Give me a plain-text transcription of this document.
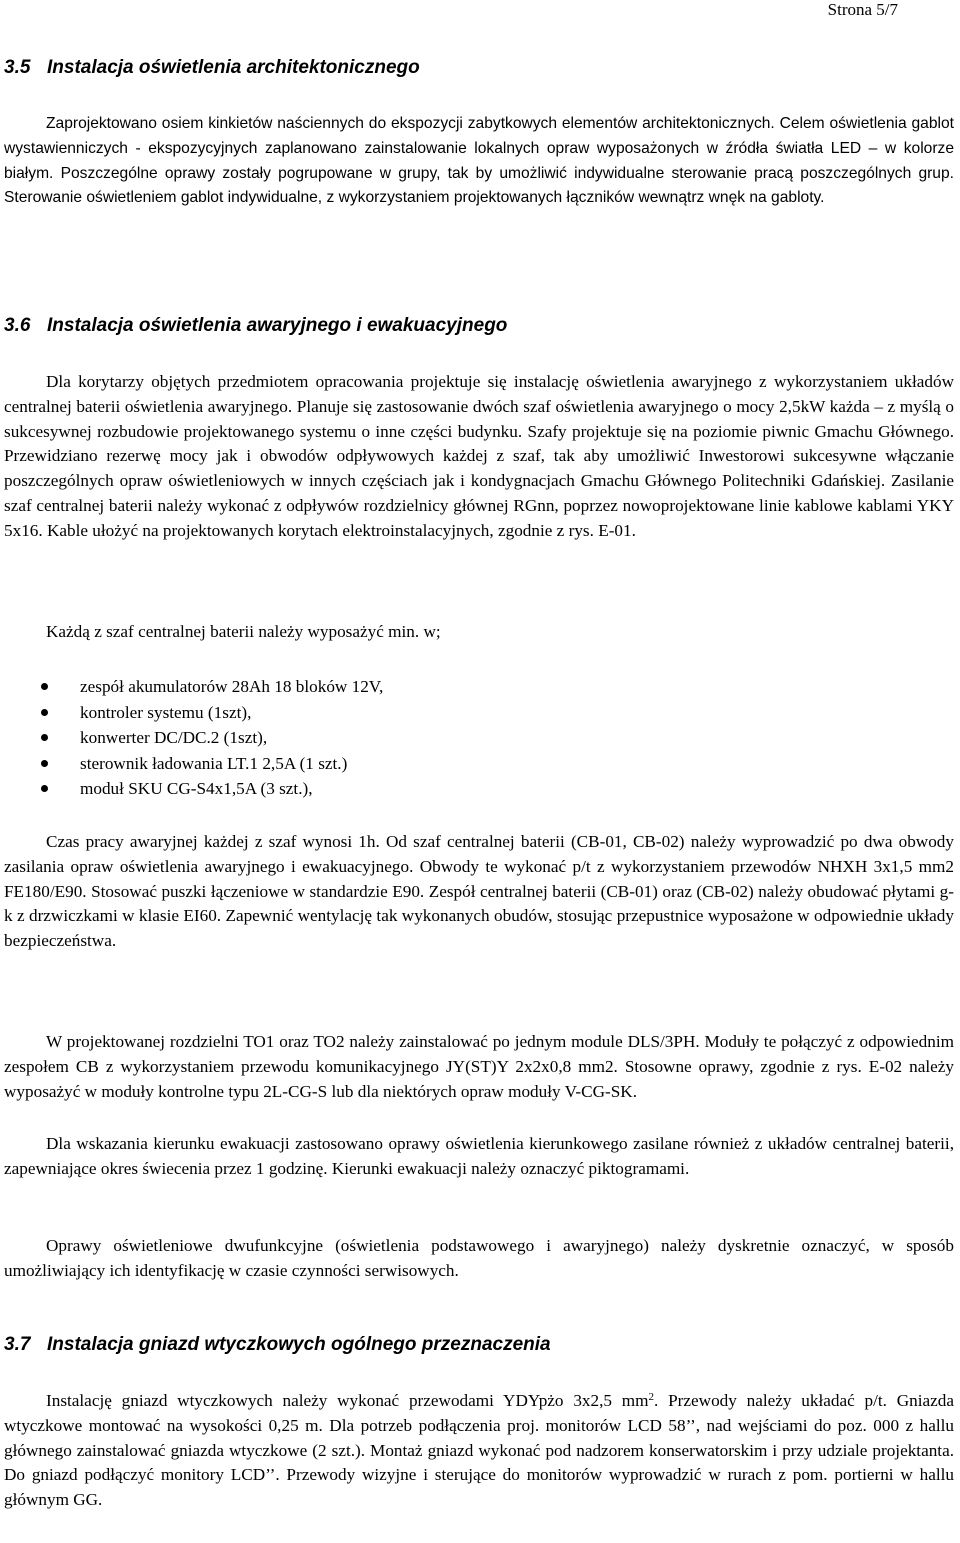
Strona 5/7
3.5 Instalacja oświetlenia architektonicznego

Zaprojektowano osiem kinkietów naściennych do ekspozycji zabytkowych elementów architektonicznych. Celem oświetlenia gablot wystawienniczych - ekspozycyjnych zaplanowano zainstalowanie lokalnych opraw wyposażonych w źródła światła LED – w kolorze białym. Poszczególne oprawy zostały pogrupowane w grupy, tak by umożliwić indywidualne sterowanie pracą poszczególnych grup. Sterowanie oświetleniem gablot indywidualne, z wykorzystaniem projektowanych łączników wewnątrz wnęk na gabloty.

3.6 Instalacja oświetlenia awaryjnego i ewakuacyjnego

Dla korytarzy objętych przedmiotem opracowania projektuje się instalację oświetlenia awaryjnego z wykorzystaniem układów centralnej baterii oświetlenia awaryjnego. Planuje się zastosowanie dwóch szaf oświetlenia awaryjnego o mocy 2,5kW każda – z myślą o sukcesywnej rozbudowie projektowanego systemu o inne części budynku. Szafy projektuje się na poziomie piwnic Gmachu Głównego. Przewidziano rezerwę mocy jak i obwodów odpływowych każdej z szaf, tak aby umożliwić Inwestorowi sukcesywne włączanie poszczególnych opraw oświetleniowych w innych częściach jak i kondygnacjach Gmachu Głównego Politechniki Gdańskiej. Zasilanie szaf centralnej baterii należy wykonać z odpływów rozdzielnicy głównej RGnn, poprzez nowoprojektowane linie kablowe kablami YKY 5x16. Kable ułożyć na projektowanych korytach elektroinstalacyjnych, zgodnie z rys. E-01.

Każdą z szaf centralnej baterii należy wyposażyć min. w;

zespół akumulatorów 28Ah 18 bloków 12V,
kontroler systemu (1szt),
konwerter DC/DC.2 (1szt),
sterownik ładowania LT.1 2,5A (1 szt.)
moduł SKU CG-S4x1,5A (3 szt.),

Czas pracy awaryjnej każdej z szaf wynosi 1h. Od szaf centralnej baterii (CB-01, CB-02) należy wyprowadzić po dwa obwody zasilania opraw oświetlenia awaryjnego i ewakuacyjnego. Obwody te wykonać p/t z wykorzystaniem przewodów NHXH 3x1,5 mm2 FE180/E90. Stosować puszki łączeniowe w standardzie E90. Zespół centralnej baterii (CB-01) oraz (CB-02) należy obudować płytami g-k z drzwiczkami w klasie EI60. Zapewnić wentylację tak wykonanych obudów, stosując przepustnice wyposażone w odpowiednie układy bezpieczeństwa.

W projektowanej rozdzielni TO1 oraz TO2 należy zainstalować po jednym module DLS/3PH. Moduły te połączyć z odpowiednim zespołem CB z wykorzystaniem przewodu komunikacyjnego JY(ST)Y 2x2x0,8 mm2. Stosowne oprawy, zgodnie z rys. E-02 należy wyposażyć w moduły kontrolne typu 2L-CG-S lub dla niektórych opraw moduły V-CG-SK.

Dla wskazania kierunku ewakuacji zastosowano oprawy oświetlenia kierunkowego zasilane również z układów centralnej baterii, zapewniające okres świecenia przez 1 godzinę. Kierunki ewakuacji należy oznaczyć piktogramami.

Oprawy oświetleniowe dwufunkcyjne (oświetlenia podstawowego i awaryjnego) należy dyskretnie oznaczyć, w sposób umożliwiający ich identyfikację w czasie czynności serwisowych.

3.7 Instalacja gniazd wtyczkowych ogólnego przeznaczenia

Instalację gniazd wtyczkowych należy wykonać przewodami YDYpżo 3x2,5 $mm^2$. Przewody należy układać p/t. Gniazda wtyczkowe montować na wysokości 0,25 m. Dla potrzeb podłączenia proj. monitorów LCD 58’’, nad wejściami do poz. 000 z hallu głównego zainstalować gniazda wtyczkowe (2 szt.). Montaż gniazd wykonać pod nadzorem konserwatorskim i przy udziale projektanta. Do gniazd podłączyć monitory LCD’’. Przewody wizyjne i sterujące do monitorów wyprowadzić w rurach z pom. portierni w hallu głównym GG.
